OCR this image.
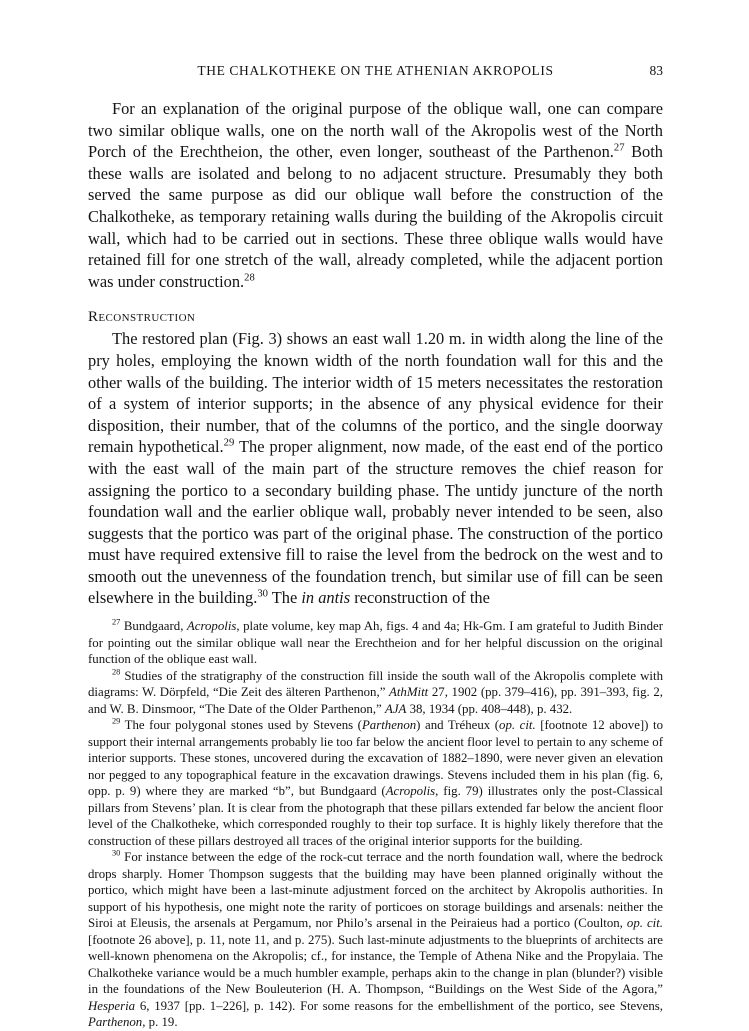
THE CHALKOTHEKE ON THE ATHENIAN AKROPOLIS	83

For an explanation of the original purpose of the oblique wall, one can compare two similar oblique walls, one on the north wall of the Akropolis west of the North Porch of the Erechtheion, the other, even longer, southeast of the Parthenon.$^{27}$ Both these walls are isolated and belong to no adjacent structure. Presumably they both served the same purpose as did our oblique wall before the construction of the Chalkotheke, as temporary retaining walls during the building of the Akropolis circuit wall, which had to be carried out in sections. These three oblique walls would have retained fill for one stretch of the wall, already completed, while the adjacent portion was under construction.$^{28}$

Reconstruction

The restored plan (Fig. 3) shows an east wall 1.20 m. in width along the line of the pry holes, employing the known width of the north foundation wall for this and the other walls of the building. The interior width of 15 meters necessitates the restoration of a system of interior supports; in the absence of any physical evidence for their disposition, their number, that of the columns of the portico, and the single doorway remain hypothetical.$^{29}$ The proper alignment, now made, of the east end of the portico with the east wall of the main part of the structure removes the chief reason for assigning the portico to a secondary building phase. The untidy juncture of the north foundation wall and the earlier oblique wall, probably never intended to be seen, also suggests that the portico was part of the original phase. The construction of the portico must have required extensive fill to raise the level from the bedrock on the west and to smooth out the unevenness of the foundation trench, but similar use of fill can be seen elsewhere in the building.$^{30}$ The in antis reconstruction of the

$^{27}$ Bundgaard, Acropolis, plate volume, key map Ah, figs. 4 and 4a; Hk-Gm. I am grateful to Judith Binder for pointing out the similar oblique wall near the Erechtheion and for her helpful discussion on the original function of the oblique east wall.

$^{28}$ Studies of the stratigraphy of the construction fill inside the south wall of the Akropolis complete with diagrams: W. Dörpfeld, “Die Zeit des älteren Parthenon,” AthMitt 27, 1902 (pp. 379–416), pp. 391–393, fig. 2, and W. B. Dinsmoor, “The Date of the Older Parthenon,” AJA 38, 1934 (pp. 408–448), p. 432.

$^{29}$ The four polygonal stones used by Stevens (Parthenon) and Tréheux (op. cit. [footnote 12 above]) to support their internal arrangements probably lie too far below the ancient floor level to pertain to any scheme of interior supports. These stones, uncovered during the excavation of 1882–1890, were never given an elevation nor pegged to any topographical feature in the excavation drawings. Stevens included them in his plan (fig. 6, opp. p. 9) where they are marked “b”, but Bundgaard (Acropolis, fig. 79) illustrates only the post-Classical pillars from Stevens’ plan. It is clear from the photograph that these pillars extended far below the ancient floor level of the Chalkotheke, which corresponded roughly to their top surface. It is highly likely therefore that the construction of these pillars destroyed all traces of the original interior supports for the building.

$^{30}$ For instance between the edge of the rock-cut terrace and the north foundation wall, where the bedrock drops sharply. Homer Thompson suggests that the building may have been planned originally without the portico, which might have been a last-minute adjustment forced on the architect by Akropolis authorities. In support of his hypothesis, one might note the rarity of porticoes on storage buildings and arsenals: neither the Siroi at Eleusis, the arsenals at Pergamum, nor Philo’s arsenal in the Peiraieus had a portico (Coulton, op. cit. [footnote 26 above], p. 11, note 11, and p. 275). Such last-minute adjustments to the blueprints of architects are well-known phenomena on the Akropolis; cf., for instance, the Temple of Athena Nike and the Propylaia. The Chalkotheke variance would be a much humbler example, perhaps akin to the change in plan (blunder?) visible in the foundations of the New Bouleuterion (H. A. Thompson, “Buildings on the West Side of the Agora,” Hesperia 6, 1937 [pp. 1–226], p. 142). For some reasons for the embellishment of the portico, see Stevens, Parthenon, p. 19.
